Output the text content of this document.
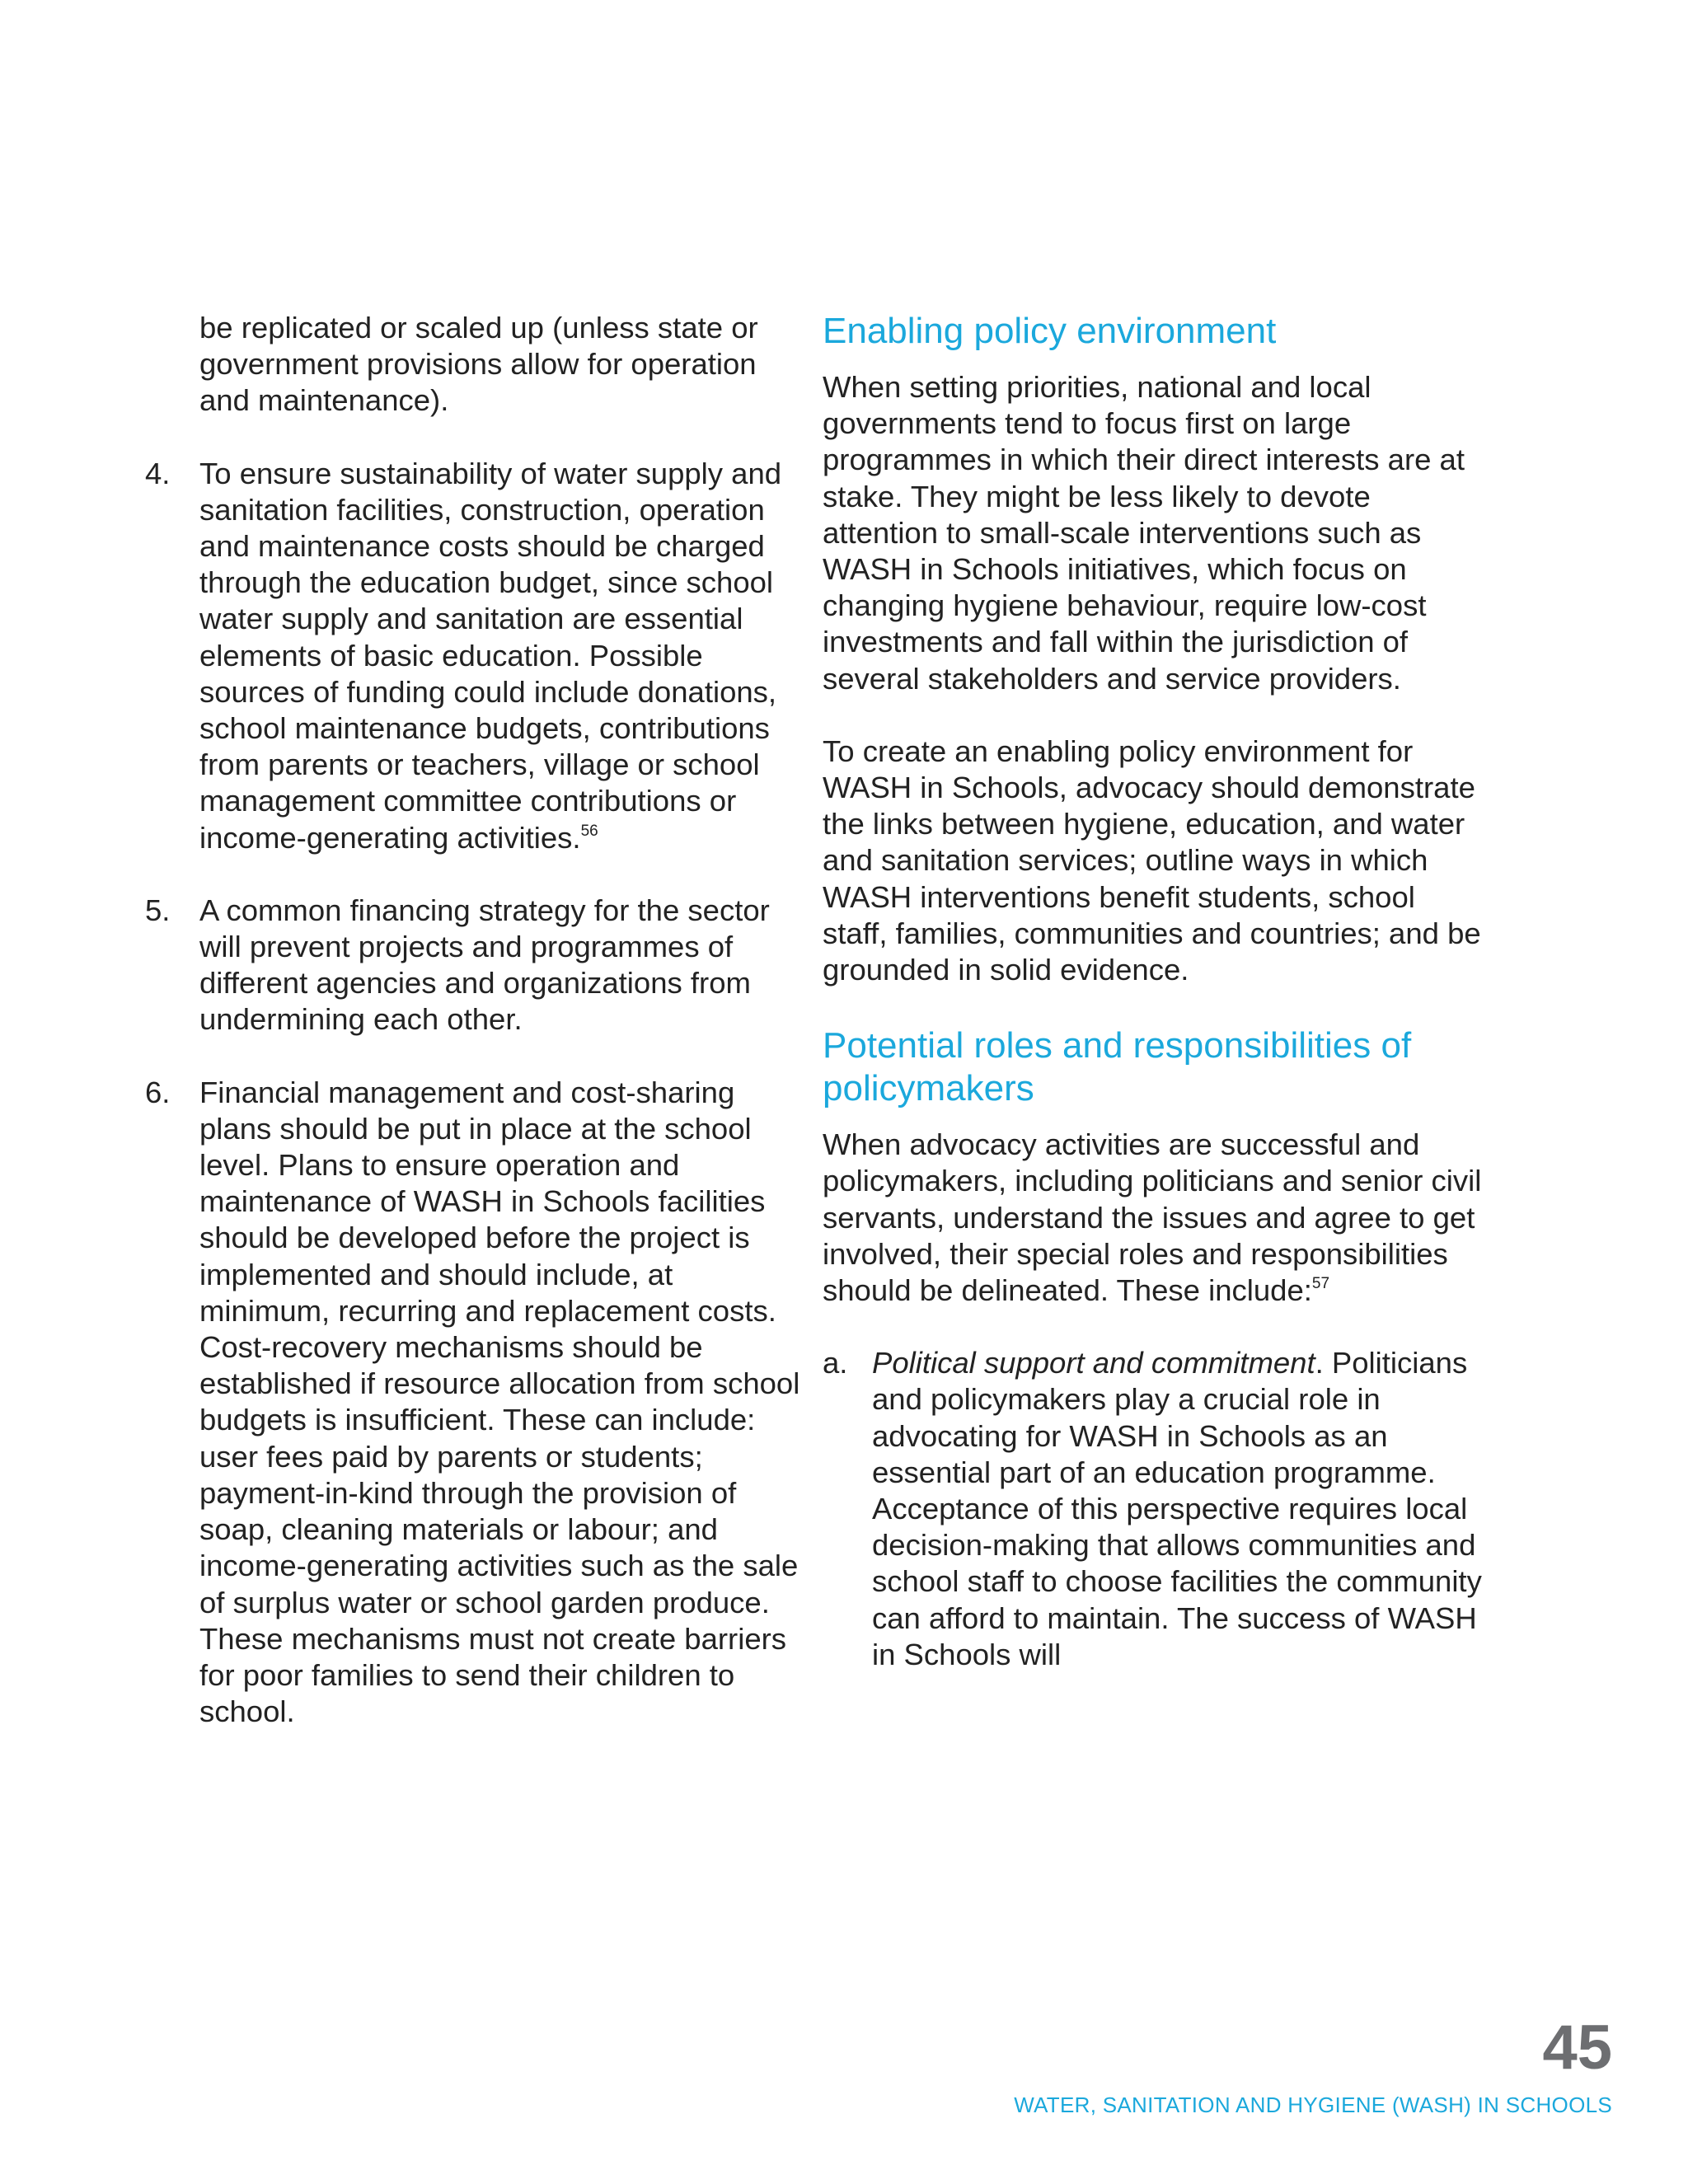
be replicated or scaled up (unless state or government provisions allow for operation and maintenance).

4. To ensure sustainability of water supply and sanitation facilities, construction, operation and maintenance costs should be charged through the education budget, since school water supply and sanitation are essential elements of basic education. Possible sources of funding could include donations, school maintenance budgets, contributions from parents or teachers, village or school management committee contributions or income-generating activities.$^{56}$
5. A common financing strategy for the sector will prevent projects and programmes of different agencies and organizations from undermining each other.
6. Financial management and cost-sharing plans should be put in place at the school level. Plans to ensure operation and maintenance of WASH in Schools facilities should be developed before the project is implemented and should include, at minimum, recurring and replacement costs. Cost-recovery mechanisms should be established if resource allocation from school budgets is insufficient. These can include: user fees paid by parents or students; payment-in-kind through the provision of soap, cleaning materials or labour; and income-generating activities such as the sale of surplus water or school garden produce. These mechanisms must not create barriers for poor families to send their children to school.
Enabling policy environment

When setting priorities, national and local governments tend to focus first on large programmes in which their direct interests are at stake. They might be less likely to devote attention to small-scale interventions such as WASH in Schools initiatives, which focus on changing hygiene behaviour, require low-cost investments and fall within the jurisdiction of several stakeholders and service providers.

To create an enabling policy environment for WASH in Schools, advocacy should demonstrate the links between hygiene, education, and water and sanitation services; outline ways in which WASH interventions benefit students, school staff, families, communities and countries; and be grounded in solid evidence.

Potential roles and responsibilities of policymakers

When advocacy activities are successful and policymakers, including politicians and senior civil servants, understand the issues and agree to get involved, their special roles and responsibilities should be delineated. These include:$^{57}$

a. Political support and commitment. Politicians and policymakers play a crucial role in advocating for WASH in Schools as an essential part of an education programme. Acceptance of this perspective requires local decision-making that allows communities and school staff to choose facilities the community can afford to maintain. The success of WASH in Schools will
45
WATER, SANITATION AND HYGIENE (WASH) IN SCHOOLS
